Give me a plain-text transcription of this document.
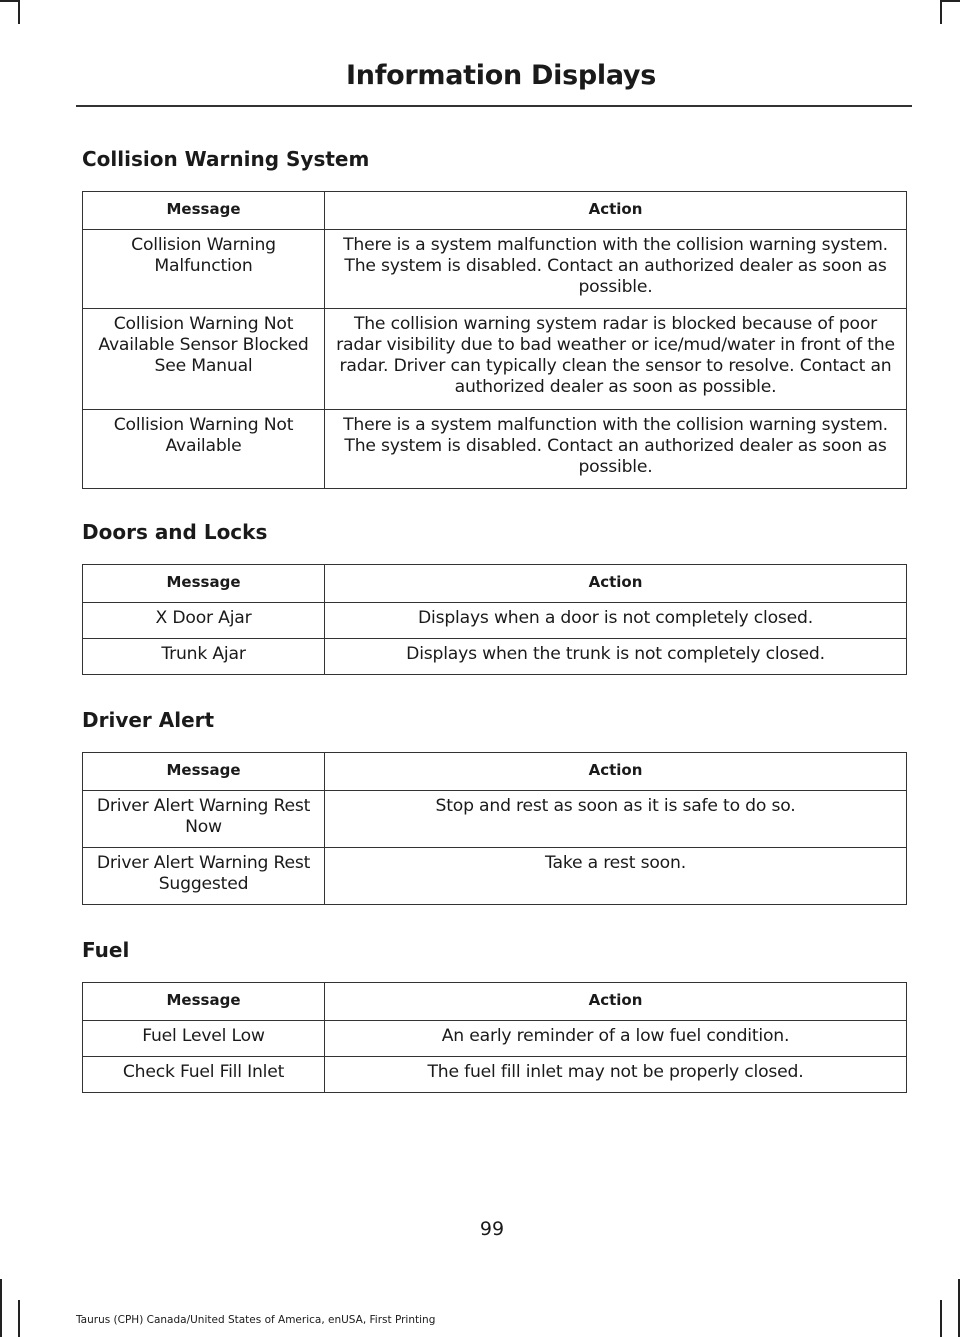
Information Displays
Collision Warning System
Message	Action
Collision Warning Malfunction	There is a system malfunction with the collision warning system. The system is disabled. Contact an authorized dealer as soon as possible.
Collision Warning Not Available Sensor Blocked See Manual	The collision warning system radar is blocked because of poor radar visibility due to bad weather or ice/mud/water in front of the radar. Driver can typically clean the sensor to resolve. Contact an authorized dealer as soon as possible.
Collision Warning Not Available	There is a system malfunction with the collision warning system. The system is disabled. Contact an authorized dealer as soon as possible.
Doors and Locks
Message	Action
X Door Ajar	Displays when a door is not completely closed.
Trunk Ajar	Displays when the trunk is not completely closed.
Driver Alert
Message	Action
Driver Alert Warning Rest Now	Stop and rest as soon as it is safe to do so.
Driver Alert Warning Rest Suggested	Take a rest soon.
Fuel
Message	Action
Fuel Level Low	An early reminder of a low fuel condition.
Check Fuel Fill Inlet	The fuel fill inlet may not be properly closed.
99
Taurus (CPH) Canada/United States of America, enUSA, First Printing
